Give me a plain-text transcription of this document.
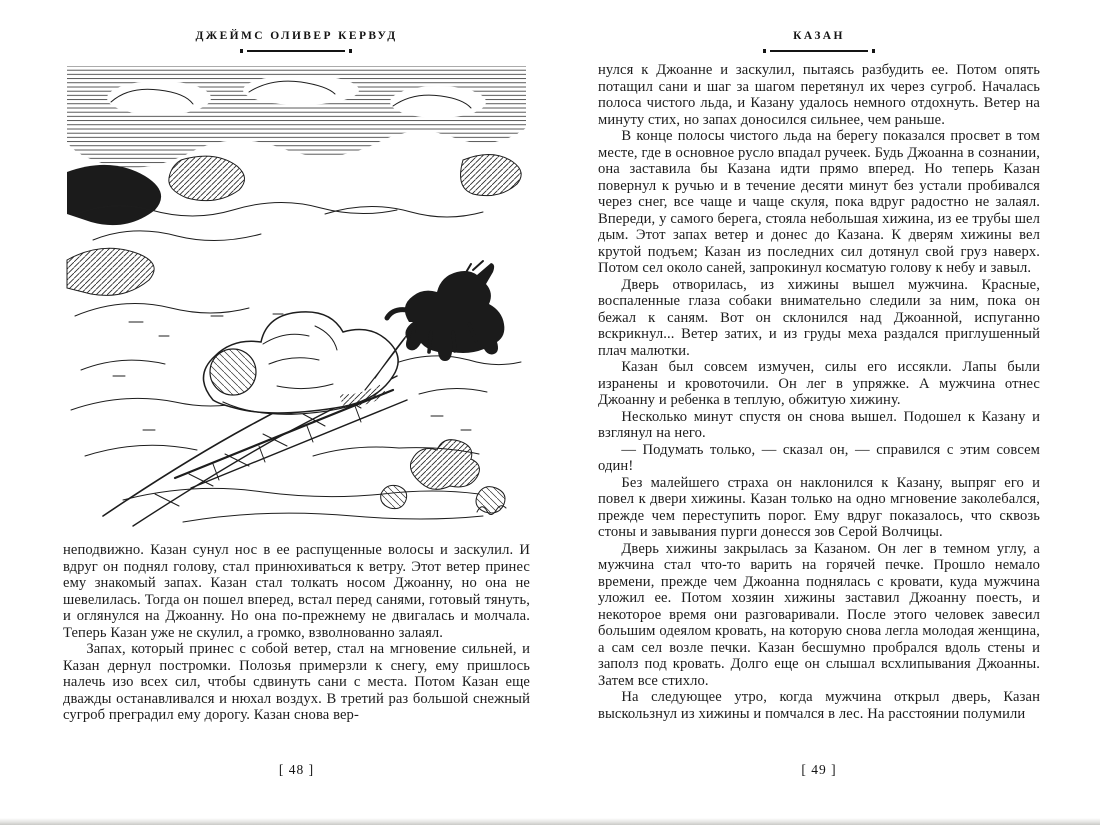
ДЖЕЙМС ОЛИВЕР КЕРВУД

неподвижно. Казан сунул нос в ее распущенные волосы и заскулил. И вдруг он поднял голову, стал принюхиваться к ветру. Этот ветер принес ему знакомый запах. Казан стал толкать носом Джоанну, но она не шевелилась. Тогда он пошел вперед, встал перед санями, готовый тянуть, и оглянулся на Джоанну. Но она по-прежнему не двигалась и молчала. Теперь Казан уже не скулил, а громко, взволнованно залаял.

Запах, который принес с собой ветер, стал на мгновение сильней, и Казан дернул постромки. Полозья примерзли к снегу, ему пришлось налечь изо всех сил, чтобы сдвинуть сани с места. Потом Казан еще дважды останавливался и нюхал воздух. В третий раз большой снежный сугроб преградил ему дорогу. Казан снова вер-

[ 48 ]
КАЗАН

нулся к Джоанне и заскулил, пытаясь разбудить ее. Потом опять потащил сани и шаг за шагом перетянул их через сугроб. Началась полоса чистого льда, и Казану удалось немного отдохнуть. Ветер на минуту стих, но запах доносился сильнее, чем раньше.

В конце полосы чистого льда на берегу показался просвет в том месте, где в основное русло впадал ручеек. Будь Джоанна в сознании, она заставила бы Казана идти прямо вперед. Но теперь Казан повернул к ручью и в течение десяти минут без устали пробивался через снег, все чаще и чаще скуля, пока вдруг радостно не залаял. Впереди, у самого берега, стояла небольшая хижина, из ее трубы шел дым. Этот запах ветер и донес до Казана. К дверям хижины вел крутой подъем; Казан из последних сил дотянул свой груз наверх. Потом сел около саней, запрокинул косматую голову к небу и завыл.

Дверь отворилась, из хижины вышел мужчина. Красные, воспаленные глаза собаки внимательно следили за ним, пока он бежал к саням. Вот он склонился над Джоанной, испуганно вскрикнул... Ветер затих, и из груды меха раздался приглушенный плач малютки.

Казан был совсем измучен, силы его иссякли. Лапы были изранены и кровоточили. Он лег в упряжке. А мужчина отнес Джоанну и ребенка в теплую, обжитую хижину.

Несколько минут спустя он снова вышел. Подошел к Казану и взглянул на него.

— Подумать только, — сказал он, — справился с этим совсем один!

Без малейшего страха он наклонился к Казану, выпряг его и повел к двери хижины. Казан только на одно мгновение заколебался, прежде чем переступить порог. Ему вдруг показалось, что сквозь стоны и завывания пурги донесся зов Серой Волчицы.

Дверь хижины закрылась за Казаном. Он лег в темном углу, а мужчина стал что-то варить на горячей печке. Прошло немало времени, прежде чем Джоанна поднялась с кровати, куда мужчина уложил ее. Потом хозяин хижины заставил Джоанну поесть, и некоторое время они разговаривали. После этого человек завесил большим одеялом кровать, на которую снова легла молодая женщина, а сам сел возле печки. Казан бесшумно пробрался вдоль стены и заполз под кровать. Долго еще он слышал всхлипывания Джоанны. Затем все стихло.

На следующее утро, когда мужчина открыл дверь, Казан выскользнул из хижины и помчался в лес. На расстоянии полумили

[ 49 ]
